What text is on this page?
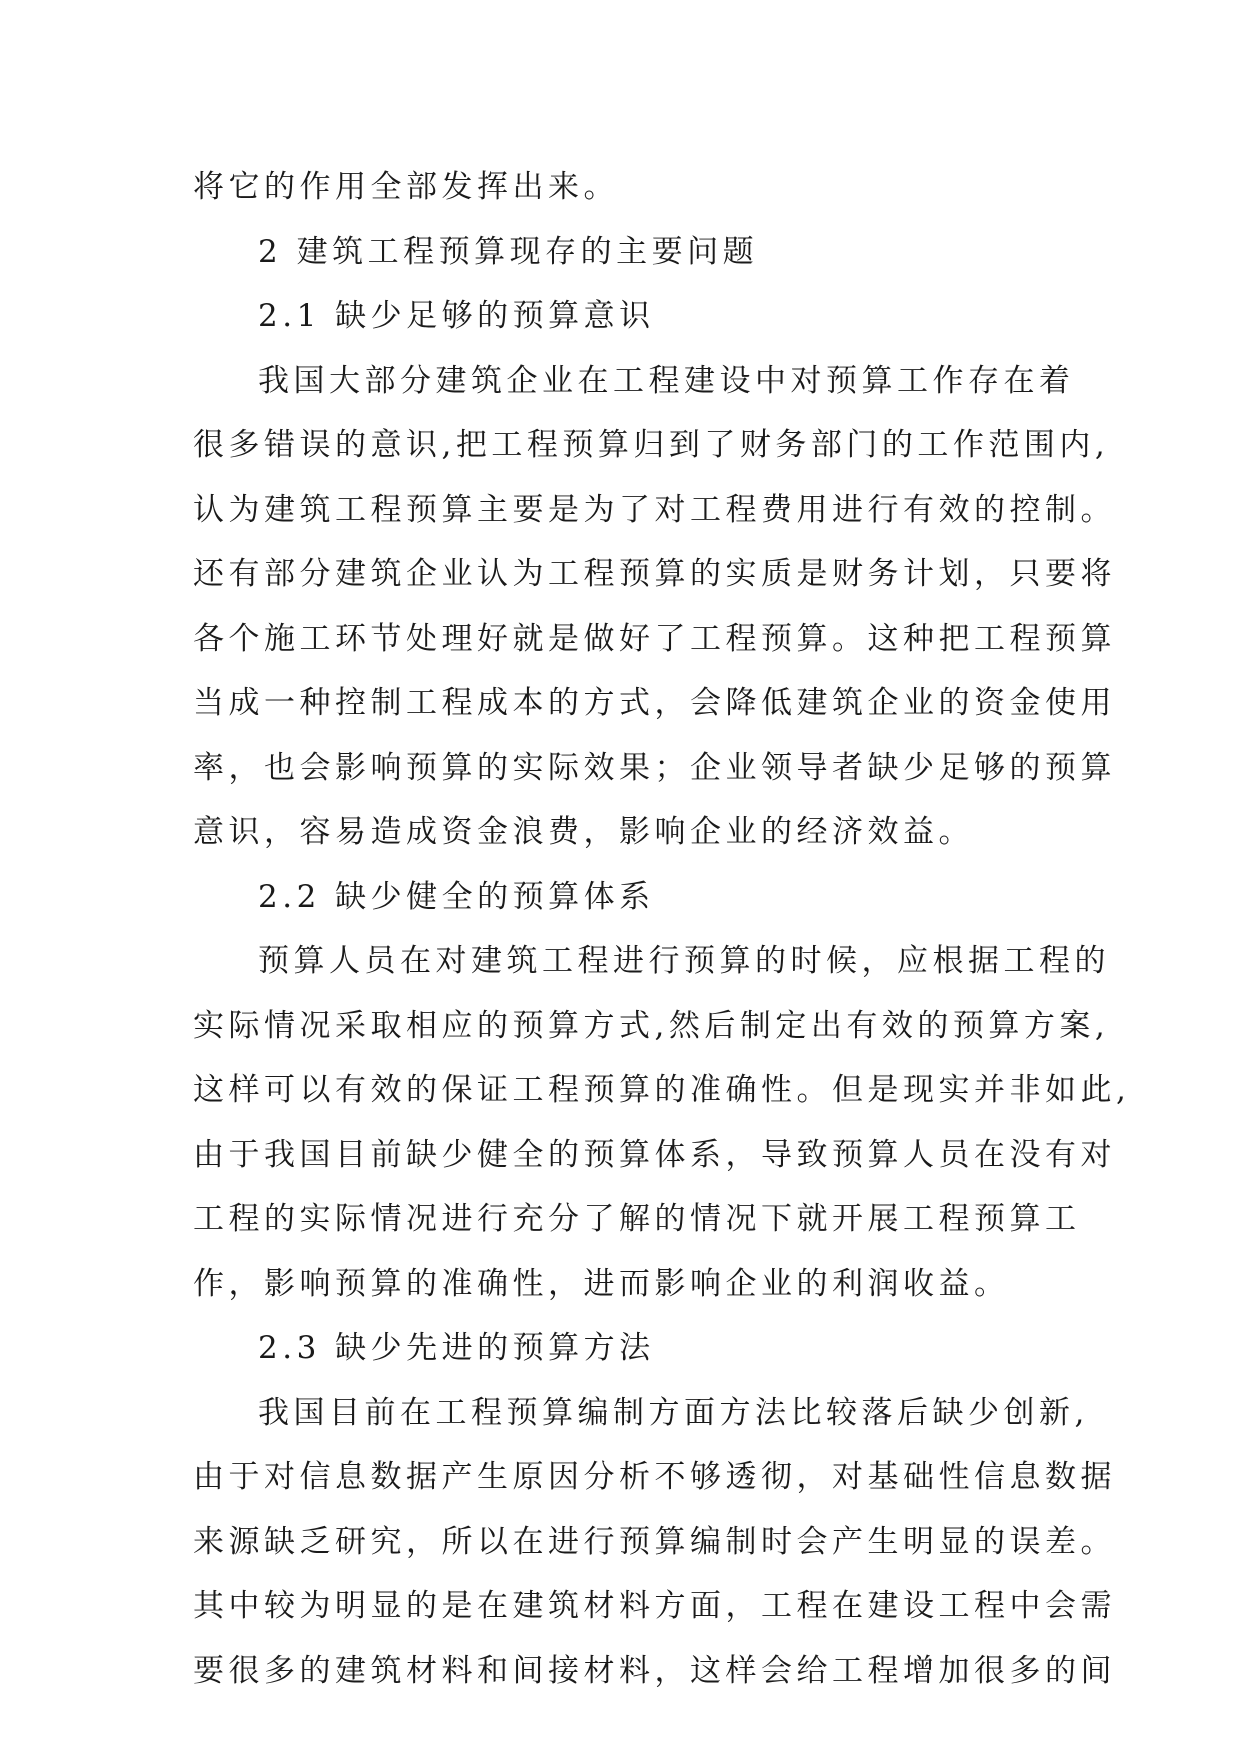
将它的作用全部发挥出来。
2 建筑工程预算现存的主要问题
2.1 缺少足够的预算意识
我国大部分建筑企业在工程建设中对预算工作存在着
很多错误的意识,把工程预算归到了财务部门的工作范围内,
认为建筑工程预算主要是为了对工程费用进行有效的控制。
还有部分建筑企业认为工程预算的实质是财务计划，只要将
各个施工环节处理好就是做好了工程预算。这种把工程预算
当成一种控制工程成本的方式，会降低建筑企业的资金使用
率，也会影响预算的实际效果；企业领导者缺少足够的预算
意识，容易造成资金浪费，影响企业的经济效益。
2.2 缺少健全的预算体系
预算人员在对建筑工程进行预算的时候，应根据工程的
实际情况采取相应的预算方式,然后制定出有效的预算方案,
这样可以有效的保证工程预算的准确性。但是现实并非如此,
由于我国目前缺少健全的预算体系，导致预算人员在没有对
工程的实际情况进行充分了解的情况下就开展工程预算工
作，影响预算的准确性，进而影响企业的利润收益。
2.3 缺少先进的预算方法
我国目前在工程预算编制方面方法比较落后缺少创新,
由于对信息数据产生原因分析不够透彻，对基础性信息数据
来源缺乏研究，所以在进行预算编制时会产生明显的误差。
其中较为明显的是在建筑材料方面，工程在建设工程中会需
要很多的建筑材料和间接材料，这样会给工程增加很多的间
